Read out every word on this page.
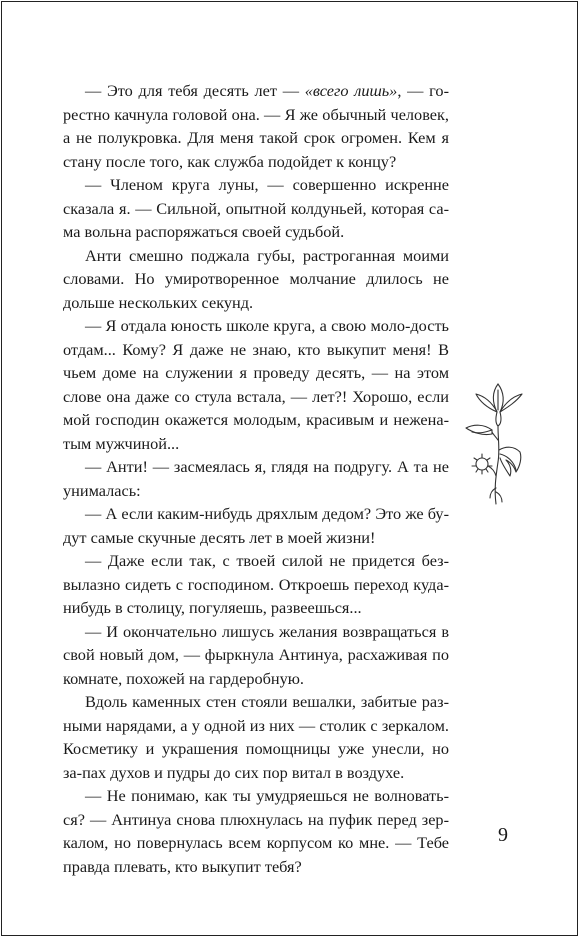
— Это для тебя десять лет — «всего лишь», — го-рестно качнула головой она. — Я же обычный человек, а не полукровка. Для меня такой срок огромен. Кем я стану после того, как служба подойдет к концу?

— Членом круга луны, — совершенно искренне сказала я. — Сильной, опытной колдуньей, которая са-ма вольна распоряжаться своей судьбой.

Анти смешно поджала губы, растроганная моими словами. Но умиротворенное молчание длилось не дольше нескольких секунд.

— Я отдала юность школе круга, а свою моло-дость отдам... Кому? Я даже не знаю, кто выкупит меня! В чьем доме на служении я проведу десять, — на этом слове она даже со стула встала, — лет?! Хорошо, если мой господин окажется молодым, красивым и нежена-тым мужчиной...

— Анти! — засмеялась я, глядя на подругу. А та не унималась:

— А если каким-нибудь дряхлым дедом? Это же бу-дут самые скучные десять лет в моей жизни!

— Даже если так, с твоей силой не придется без-вылазно сидеть с господином. Откроешь переход куда-нибудь в столицу, погуляешь, развеешься...

— И окончательно лишусь желания возвращаться в свой новый дом, — фыркнула Антинуа, расхаживая по комнате, похожей на гардеробную.

Вдоль каменных стен стояли вешалки, забитые раз-ными нарядами, а у одной из них — столик с зеркалом. Косметику и украшения помощницы уже унесли, но за-пах духов и пудры до сих пор витал в воздухе.

— Не понимаю, как ты умудряешься не волновать-ся? — Антинуа снова плюхнулась на пуфик перед зер-калом, но повернулась всем корпусом ко мне. — Тебе правда плевать, кто выкупит тебя?

9
